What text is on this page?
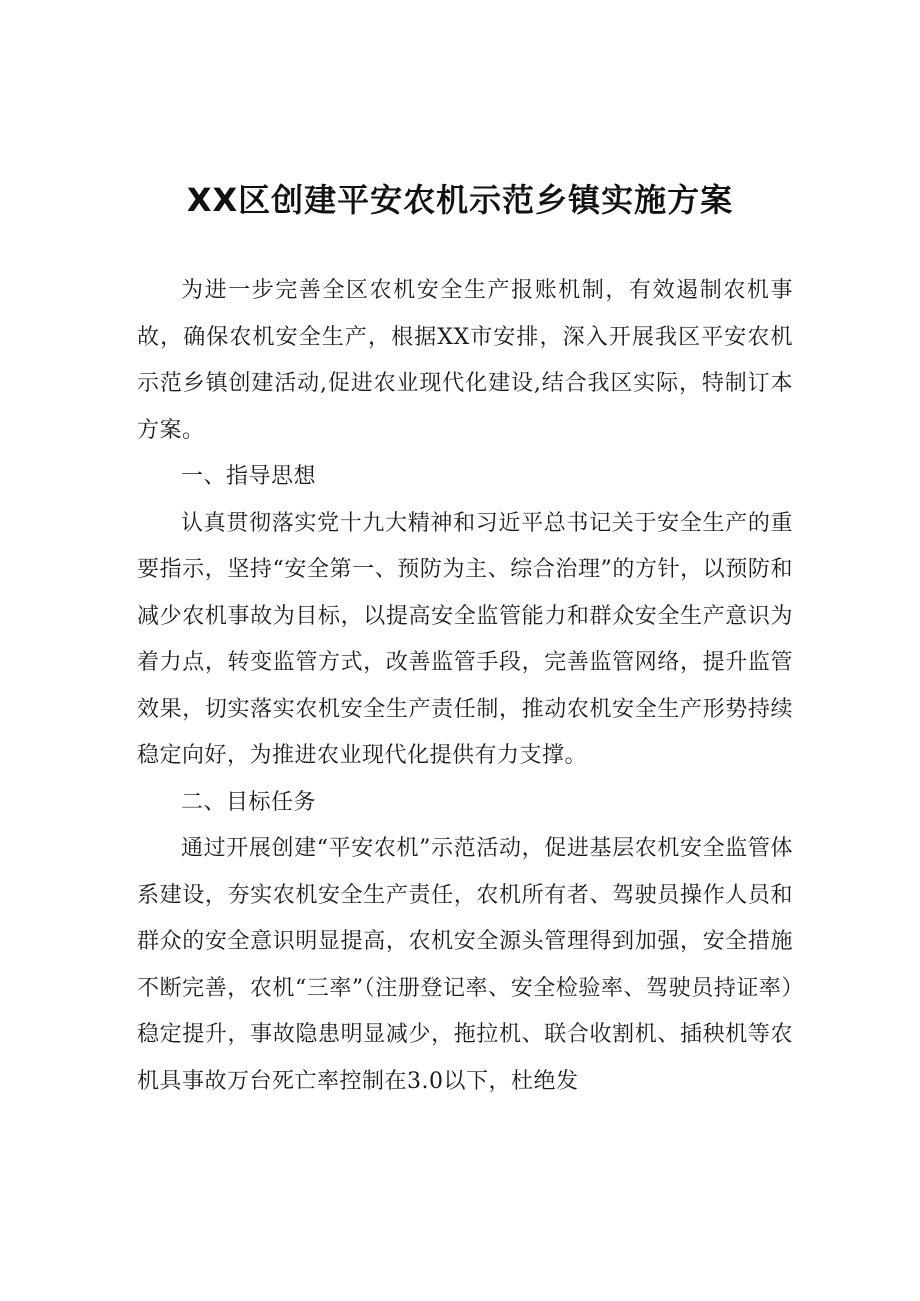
XX区创建平安农机示范乡镇实施方案

为进一步完善全区农机安全生产报账机制，有效遏制农机事故，确保农机安全生产，根据XX市安排，深入开展我区平安农机示范乡镇创建活动,促进农业现代化建设,结合我区实际，特制订本方案。

一、指导思想

认真贯彻落实党十九大精神和习近平总书记关于安全生产的重要指示，坚持“安全第一、预防为主、综合治理”的方针，以预防和减少农机事故为目标，以提高安全监管能力和群众安全生产意识为着力点，转变监管方式，改善监管手段，完善监管网络，提升监管效果，切实落实农机安全生产责任制，推动农机安全生产形势持续稳定向好，为推进农业现代化提供有力支撑。

二、目标任务

通过开展创建“平安农机”示范活动，促进基层农机安全监管体系建设，夯实农机安全生产责任，农机所有者、驾驶员操作人员和群众的安全意识明显提高，农机安全源头管理得到加强，安全措施不断完善，农机“三率”（注册登记率、安全检验率、驾驶员持证率）稳定提升，事故隐患明显减少，拖拉机、联合收割机、插秧机等农机具事故万台死亡率控制在3.0以下，杜绝发
